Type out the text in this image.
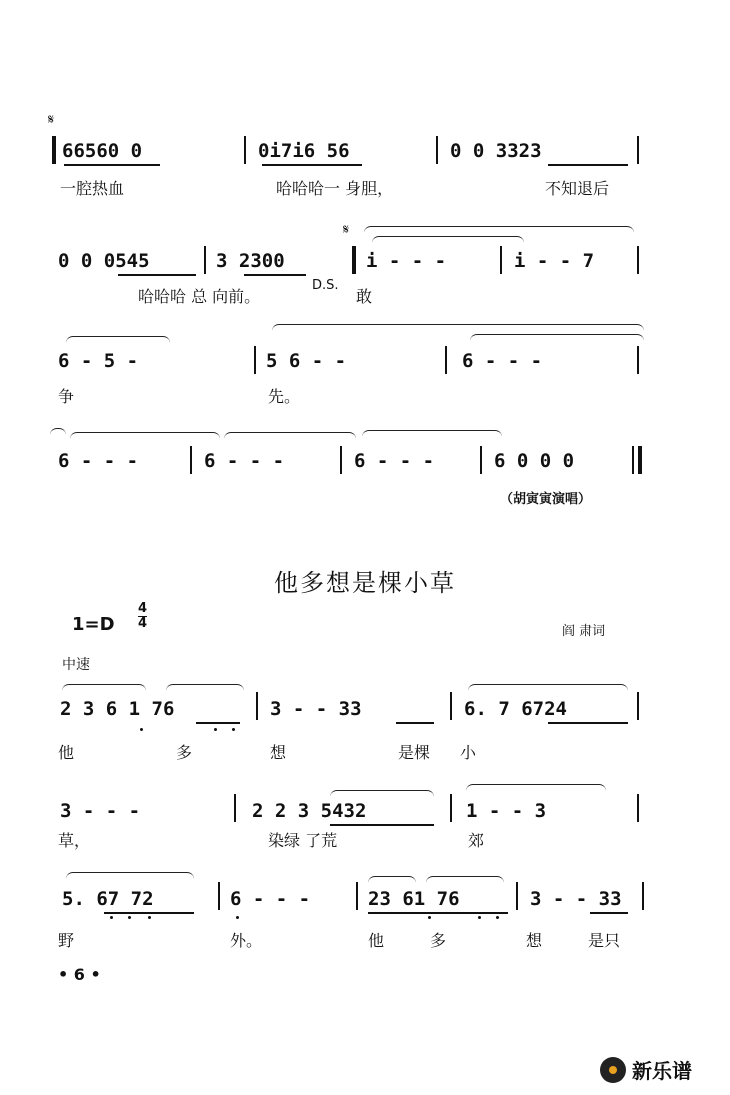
𝄋
66560 0	0i7i6 56	0 0 3323
一腔热血	哈哈哈一 身胆，	不知退后
𝄋
0 0 0545	3 2300	i - - -	i - - 7
哈哈哈 总 向前。
D.S.
敢
6 - 5 -	5 6 - -	6 - - -
争	先。
6 - - -	6 - - -	6 - - -	6 0 0 0
（胡寅寅演唱）
他多想是棵小草
1=D
4
4
阎 肃词
中速
2 3 6 1 76	3 - - 33	6. 7 6724
他	多	想	是棵 小
3 - - -	2 2 3 5432	1 - - 3
草，	染绿 了荒	郊
5. 67 72	6 - - -	23 61 76	3 - - 33
野	外。	他	多	想	是只
• 6 •
新乐谱
